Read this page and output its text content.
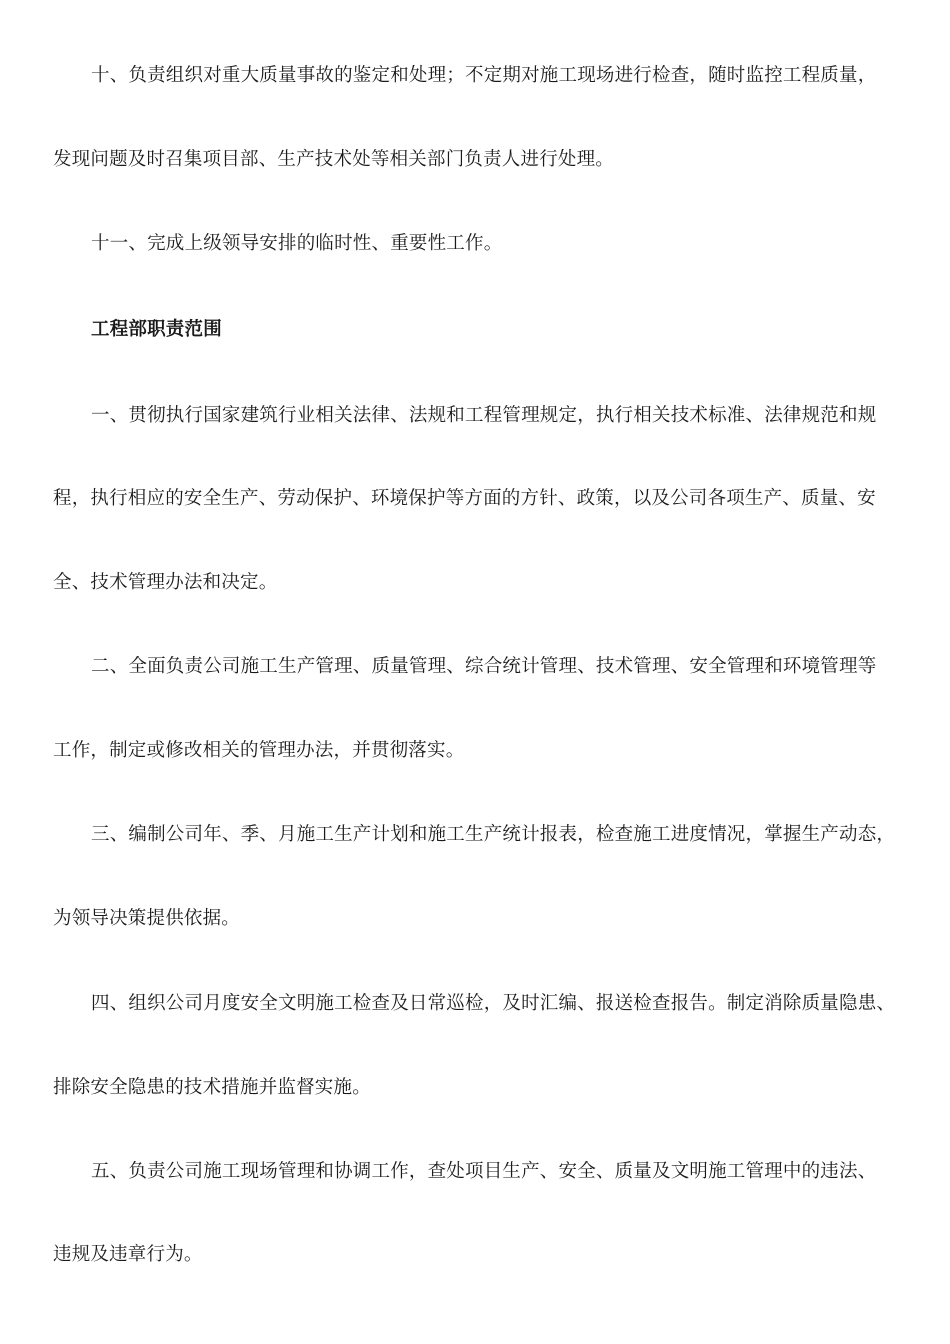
十、负责组织对重大质量事故的鉴定和处理；不定期对施工现场进行检查，随时监控工程质量，
发现问题及时召集项目部、生产技术处等相关部门负责人进行处理。
十一、完成上级领导安排的临时性、重要性工作。
工程部职责范围
一、贯彻执行国家建筑行业相关法律、法规和工程管理规定，执行相关技术标准、法律规范和规
程，执行相应的安全生产、劳动保护、环境保护等方面的方针、政策，以及公司各项生产、质量、安
全、技术管理办法和决定。
二、全面负责公司施工生产管理、质量管理、综合统计管理、技术管理、安全管理和环境管理等
工作，制定或修改相关的管理办法，并贯彻落实。
三、编制公司年、季、月施工生产计划和施工生产统计报表，检查施工进度情况，掌握生产动态，
为领导决策提供依据。
四、组织公司月度安全文明施工检查及日常巡检，及时汇编、报送检查报告。制定消除质量隐患、
排除安全隐患的技术措施并监督实施。
五、负责公司施工现场管理和协调工作，查处项目生产、安全、质量及文明施工管理中的违法、
违规及违章行为。
